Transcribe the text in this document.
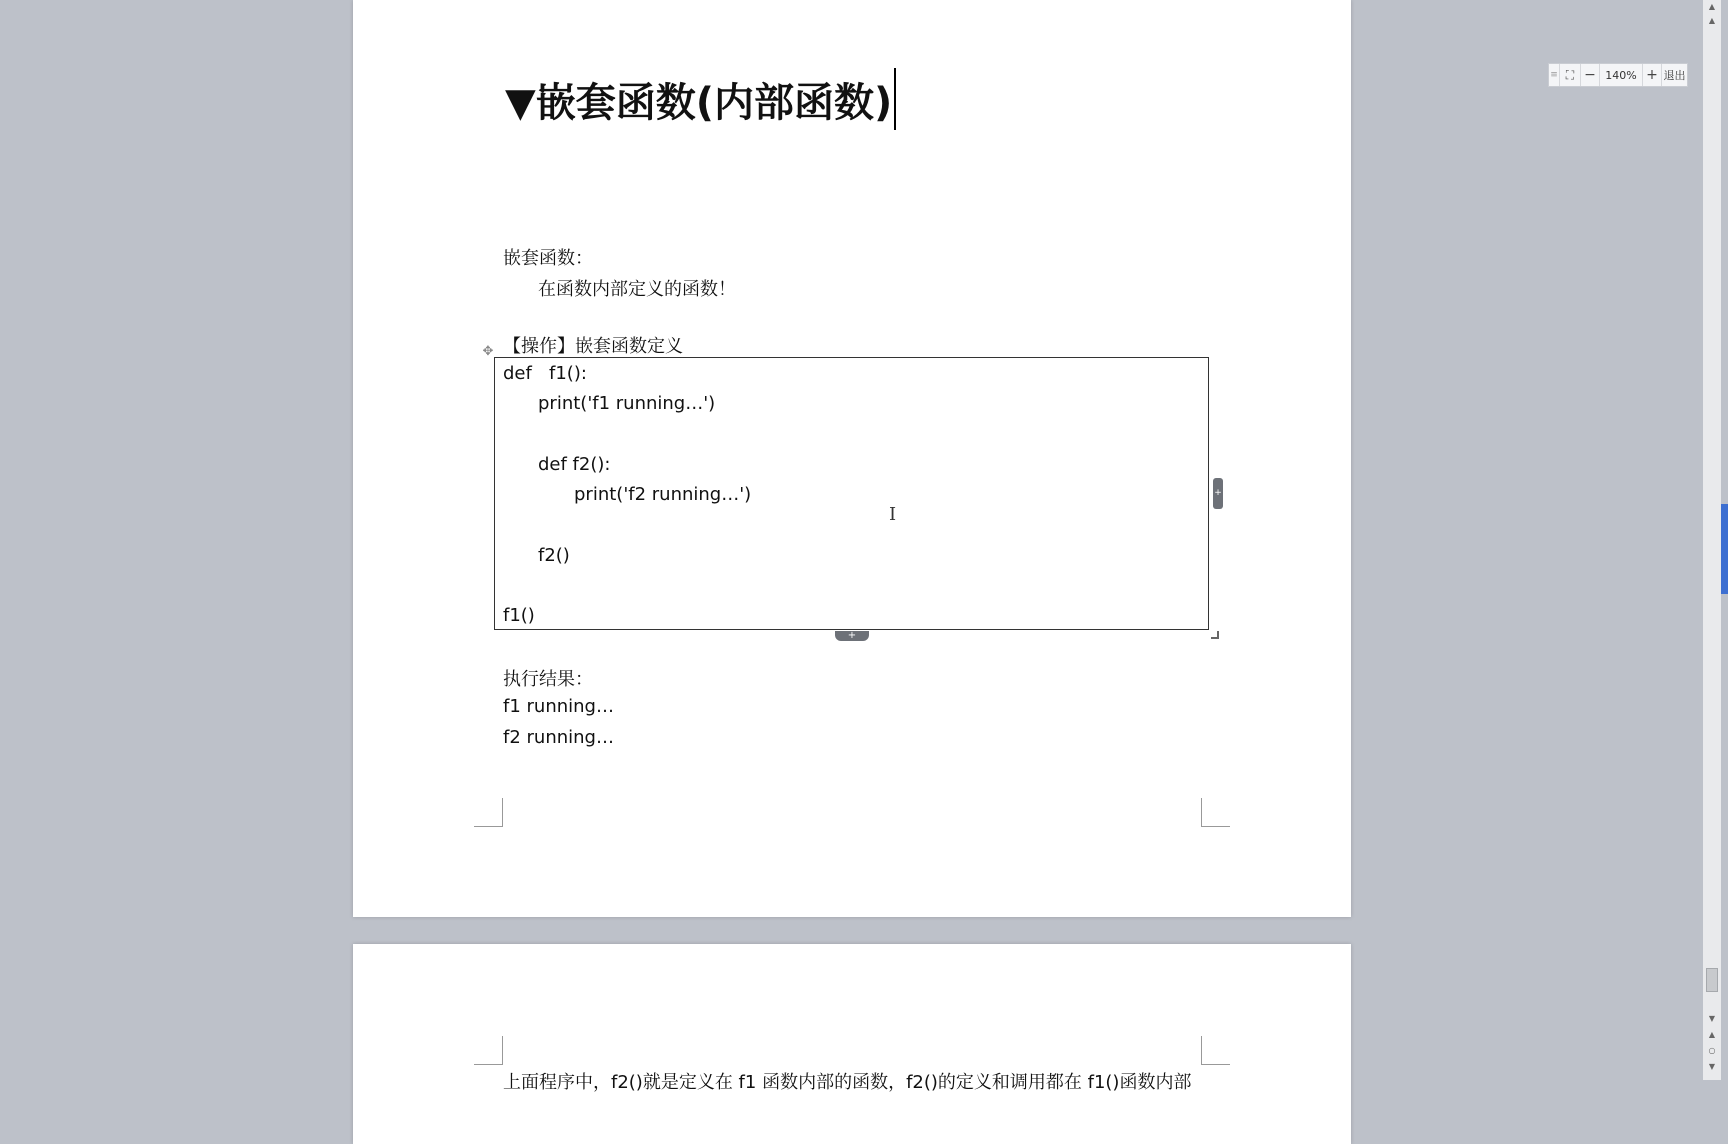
▼嵌套函数(内部函数)
嵌套函数：
在函数内部定义的函数！
【操作】嵌套函数定义
✥
def   f1():
print('f1 running…')
def f2():
print('f2 running…')
f2()
f1()
+
+
I
执行结果：
f1 running…
f2 running…
上面程序中，f2()就是定义在 f1 函数内部的函数，f2()的定义和调用都在 f1()函数内部
≡ ⛶ − 140% + 退出
▲
▲
▼
▲
○
▼
